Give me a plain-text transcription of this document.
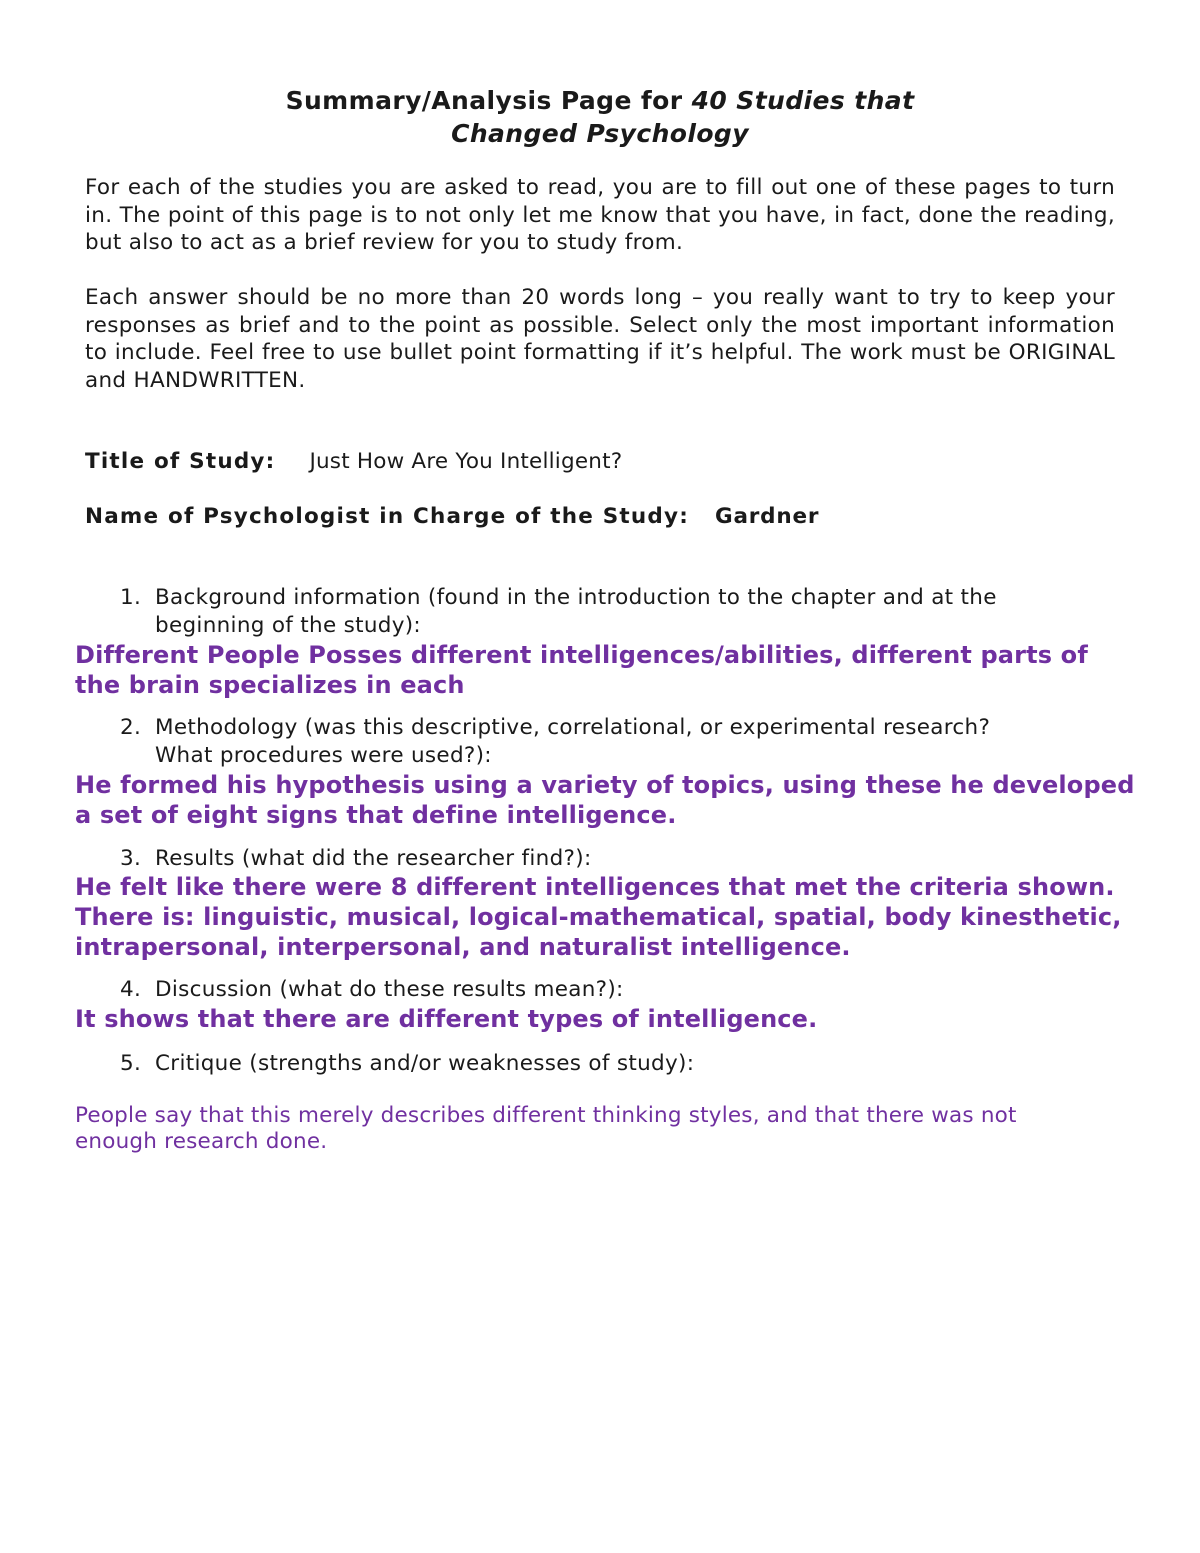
Summary/Analysis Page for 40 Studies that
Changed Psychology
For each of the studies you are asked to read, you are to fill out one of these pages to turn in. The point of this page is to not only let me know that you have, in fact, done the reading, but also to act as a brief review for you to study from.
Each answer should be no more than 20 words long – you really want to try to keep your responses as brief and to the point as possible. Select only the most important information to include. Feel free to use bullet point formatting if it’s helpful. The work must be ORIGINAL and HANDWRITTEN.
Title of Study: Just How Are You Intelligent?
Name of Psychologist in Charge of the Study: Gardner
1. Background information (found in the introduction to the chapter and at the
beginning of the study):
Different People Posses different intelligences/abilities, different parts of the brain specializes in each
2. Methodology (was this descriptive, correlational, or experimental research?
What procedures were used?):
He formed his hypothesis using a variety of topics, using these he developed a set of eight signs that define intelligence.
3. Results (what did the researcher find?):
He felt like there were 8 different intelligences that met the criteria shown. There is: linguistic, musical, logical-mathematical, spatial, body kinesthetic, intrapersonal, interpersonal, and naturalist intelligence.
4. Discussion (what do these results mean?):
It shows that there are different types of intelligence.
5. Critique (strengths and/or weaknesses of study):
People say that this merely describes different thinking styles, and that there was not enough research done.
